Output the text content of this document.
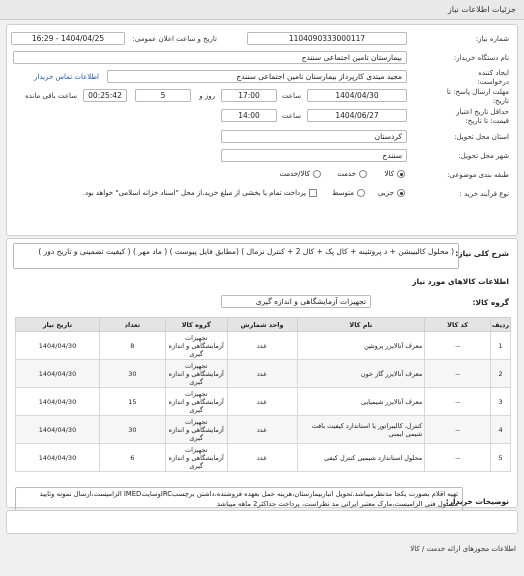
جزئیات اطلاعات نیاز
شماره نیاز:
1104090333000117
تاریخ و ساعت اعلان عمومی:
1404/04/25 - 16:29
نام دستگاه خریدار:
بیمارستان تامین اجتماعی سنندج
ایجاد کننده درخواست:
مجید میتدی کارپرداز بیمارستان تامین اجتماعی سنندج
اطلاعات تماس خریدار
مهلت ارسال پاسخ: تا تاریخ:
1404/04/30
ساعت
17:00
5	روز و
00:25:42
ساعت باقی مانده
حداقل تاریخ اعتبار قیمت: تا تاریخ:
1404/06/27
ساعت
14:00
استان محل تحویل:
کردستان
شهر محل تحویل:
سنندج
طبقه بندی موضوعی:
کالا
خدمت
کالا/خدمت
نوع فرآیند خرید :
جزیی
متوسط
پرداخت تمام یا بخشی از مبلغ خرید،از محل "اسناد خزانه اسلامی" خواهد بود.
شرح کلی نیاز:
( محلول کالبیبشن + د پروتئینه + کال پک + کال 2 + کنترل نرمال ) (مطابق فایل پیوست ) ( ماد مهر ) ( کیفیت تضمینی و تاریخ دور )
اطلاعات کالاهای مورد نیاز
گروه کالا:
تجهیزات آزمایشگاهی و اندازه گیری
ردیف	کد کالا	نام کالا	واحد شمارش	گروه کالا	تعداد	تاریخ نیاز
1	--	معرف آنالایزر پروتئین	عدد	تجهیزات آزمایشگاهی و اندازه گیری	8	1404/04/30
2	--	معرف آنالایزر گاز خون	عدد	تجهیزات آزمایشگاهی و اندازه گیری	30	1404/04/30
3	--	معرف آنالایزر شیمیایی	عدد	تجهیزات آزمایشگاهی و اندازه گیری	15	1404/04/30
4	--	کنترل، کالیبراتور یا استاندارد کیفیت بافت شیمی ایمنی	عدد	تجهیزات آزمایشگاهی و اندازه گیری	30	1404/04/30
5	--	محلول استاندارد شیمیی کنترل کیفی	عدد	تجهیزات آزمایشگاهی و اندازه گیری	6	1404/04/30
توضیحات خریدار:
تهیه اقلام بصورت یکجا مدنظرمیباشد.تحویل انباربیمارستان،هزینه حمل بعهده فروشنده،داشتن برچسبIRCوسایتIMED الزامیست،ارسال نمونه وتایید مسئول فنی الزامیست،مارک معتبر ایرانی مد نظراست، پرداخت حداکثر2 ماهه میباشد
اطلاعات مجوزهای ارائه خدمت / کالا
